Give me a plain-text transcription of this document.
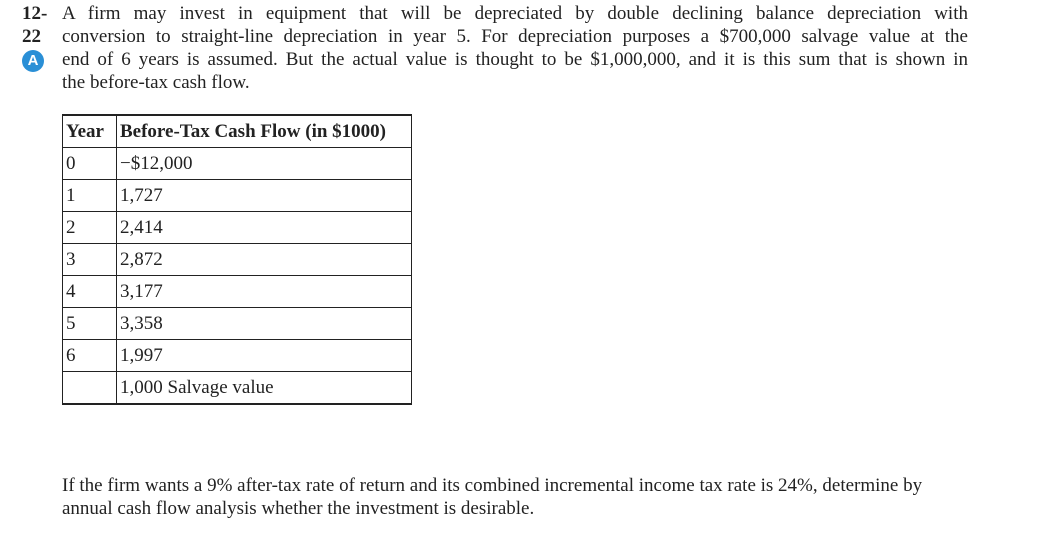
12-
22
A
A firm may invest in equipment that will be depreciated by double declining balance depreciation with
conversion to straight-line depreciation in year 5. For depreciation purposes a $700,000 salvage value at the
end of 6 years is assumed. But the actual value is thought to be $1,000,000, and it is this sum that is shown in
the before-tax cash flow.
Year	Before-Tax Cash Flow (in $1000)
0	−$12,000
1	1,727
2	2,414
3	2,872
4	3,177
5	3,358
6	1,997
	1,000 Salvage value
If the firm wants a 9% after-tax rate of return and its combined incremental income tax rate is 24%, determine by annual cash flow analysis whether the investment is desirable.
